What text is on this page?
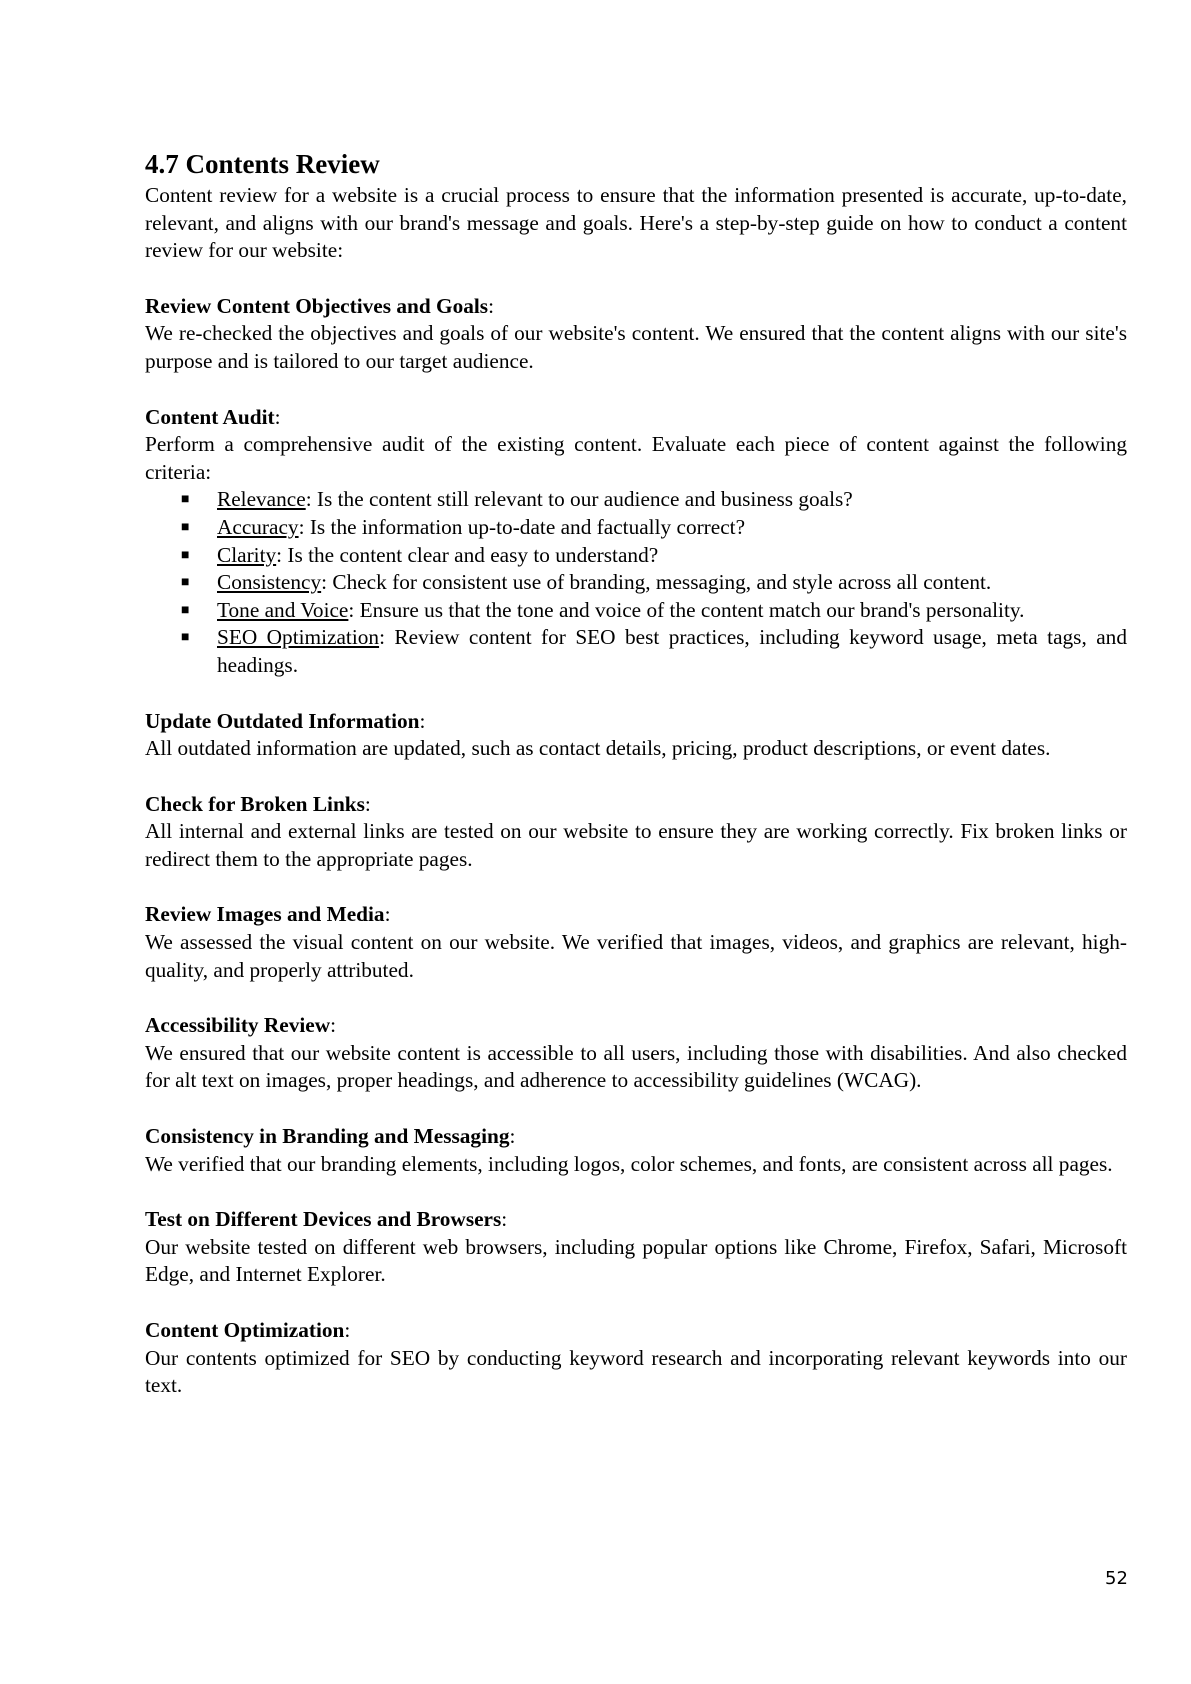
4.7 Contents Review

Content review for a website is a crucial process to ensure that the information presented is accurate, up-to-date, relevant, and aligns with our brand's message and goals. Here's a step-by-step guide on how to conduct a content review for our website:

Review Content Objectives and Goals:

We re-checked the objectives and goals of our website's content. We ensured that the content aligns with our site's purpose and is tailored to our target audience.

Content Audit:

Perform a comprehensive audit of the existing content. Evaluate each piece of content against the following criteria:

■ Relevance: Is the content still relevant to our audience and business goals?
■ Accuracy: Is the information up-to-date and factually correct?
■ Clarity: Is the content clear and easy to understand?
■ Consistency: Check for consistent use of branding, messaging, and style across all content.
■ Tone and Voice: Ensure us that the tone and voice of the content match our brand's personality.
■ SEO Optimization: Review content for SEO best practices, including keyword usage, meta tags, and headings.

Update Outdated Information:

All outdated information are updated, such as contact details, pricing, product descriptions, or event dates.

Check for Broken Links:

All internal and external links are tested on our website to ensure they are working correctly. Fix broken links or redirect them to the appropriate pages.

Review Images and Media:

We assessed the visual content on our website. We verified that images, videos, and graphics are relevant, high-quality, and properly attributed.

Accessibility Review:

We ensured that our website content is accessible to all users, including those with disabilities. And also checked for alt text on images, proper headings, and adherence to accessibility guidelines (WCAG).

Consistency in Branding and Messaging:

We verified that our branding elements, including logos, color schemes, and fonts, are consistent across all pages.

Test on Different Devices and Browsers:

Our website tested on different web browsers, including popular options like Chrome, Firefox, Safari, Microsoft Edge, and Internet Explorer.

Content Optimization:

Our contents optimized for SEO by conducting keyword research and incorporating relevant keywords into our text.

52
